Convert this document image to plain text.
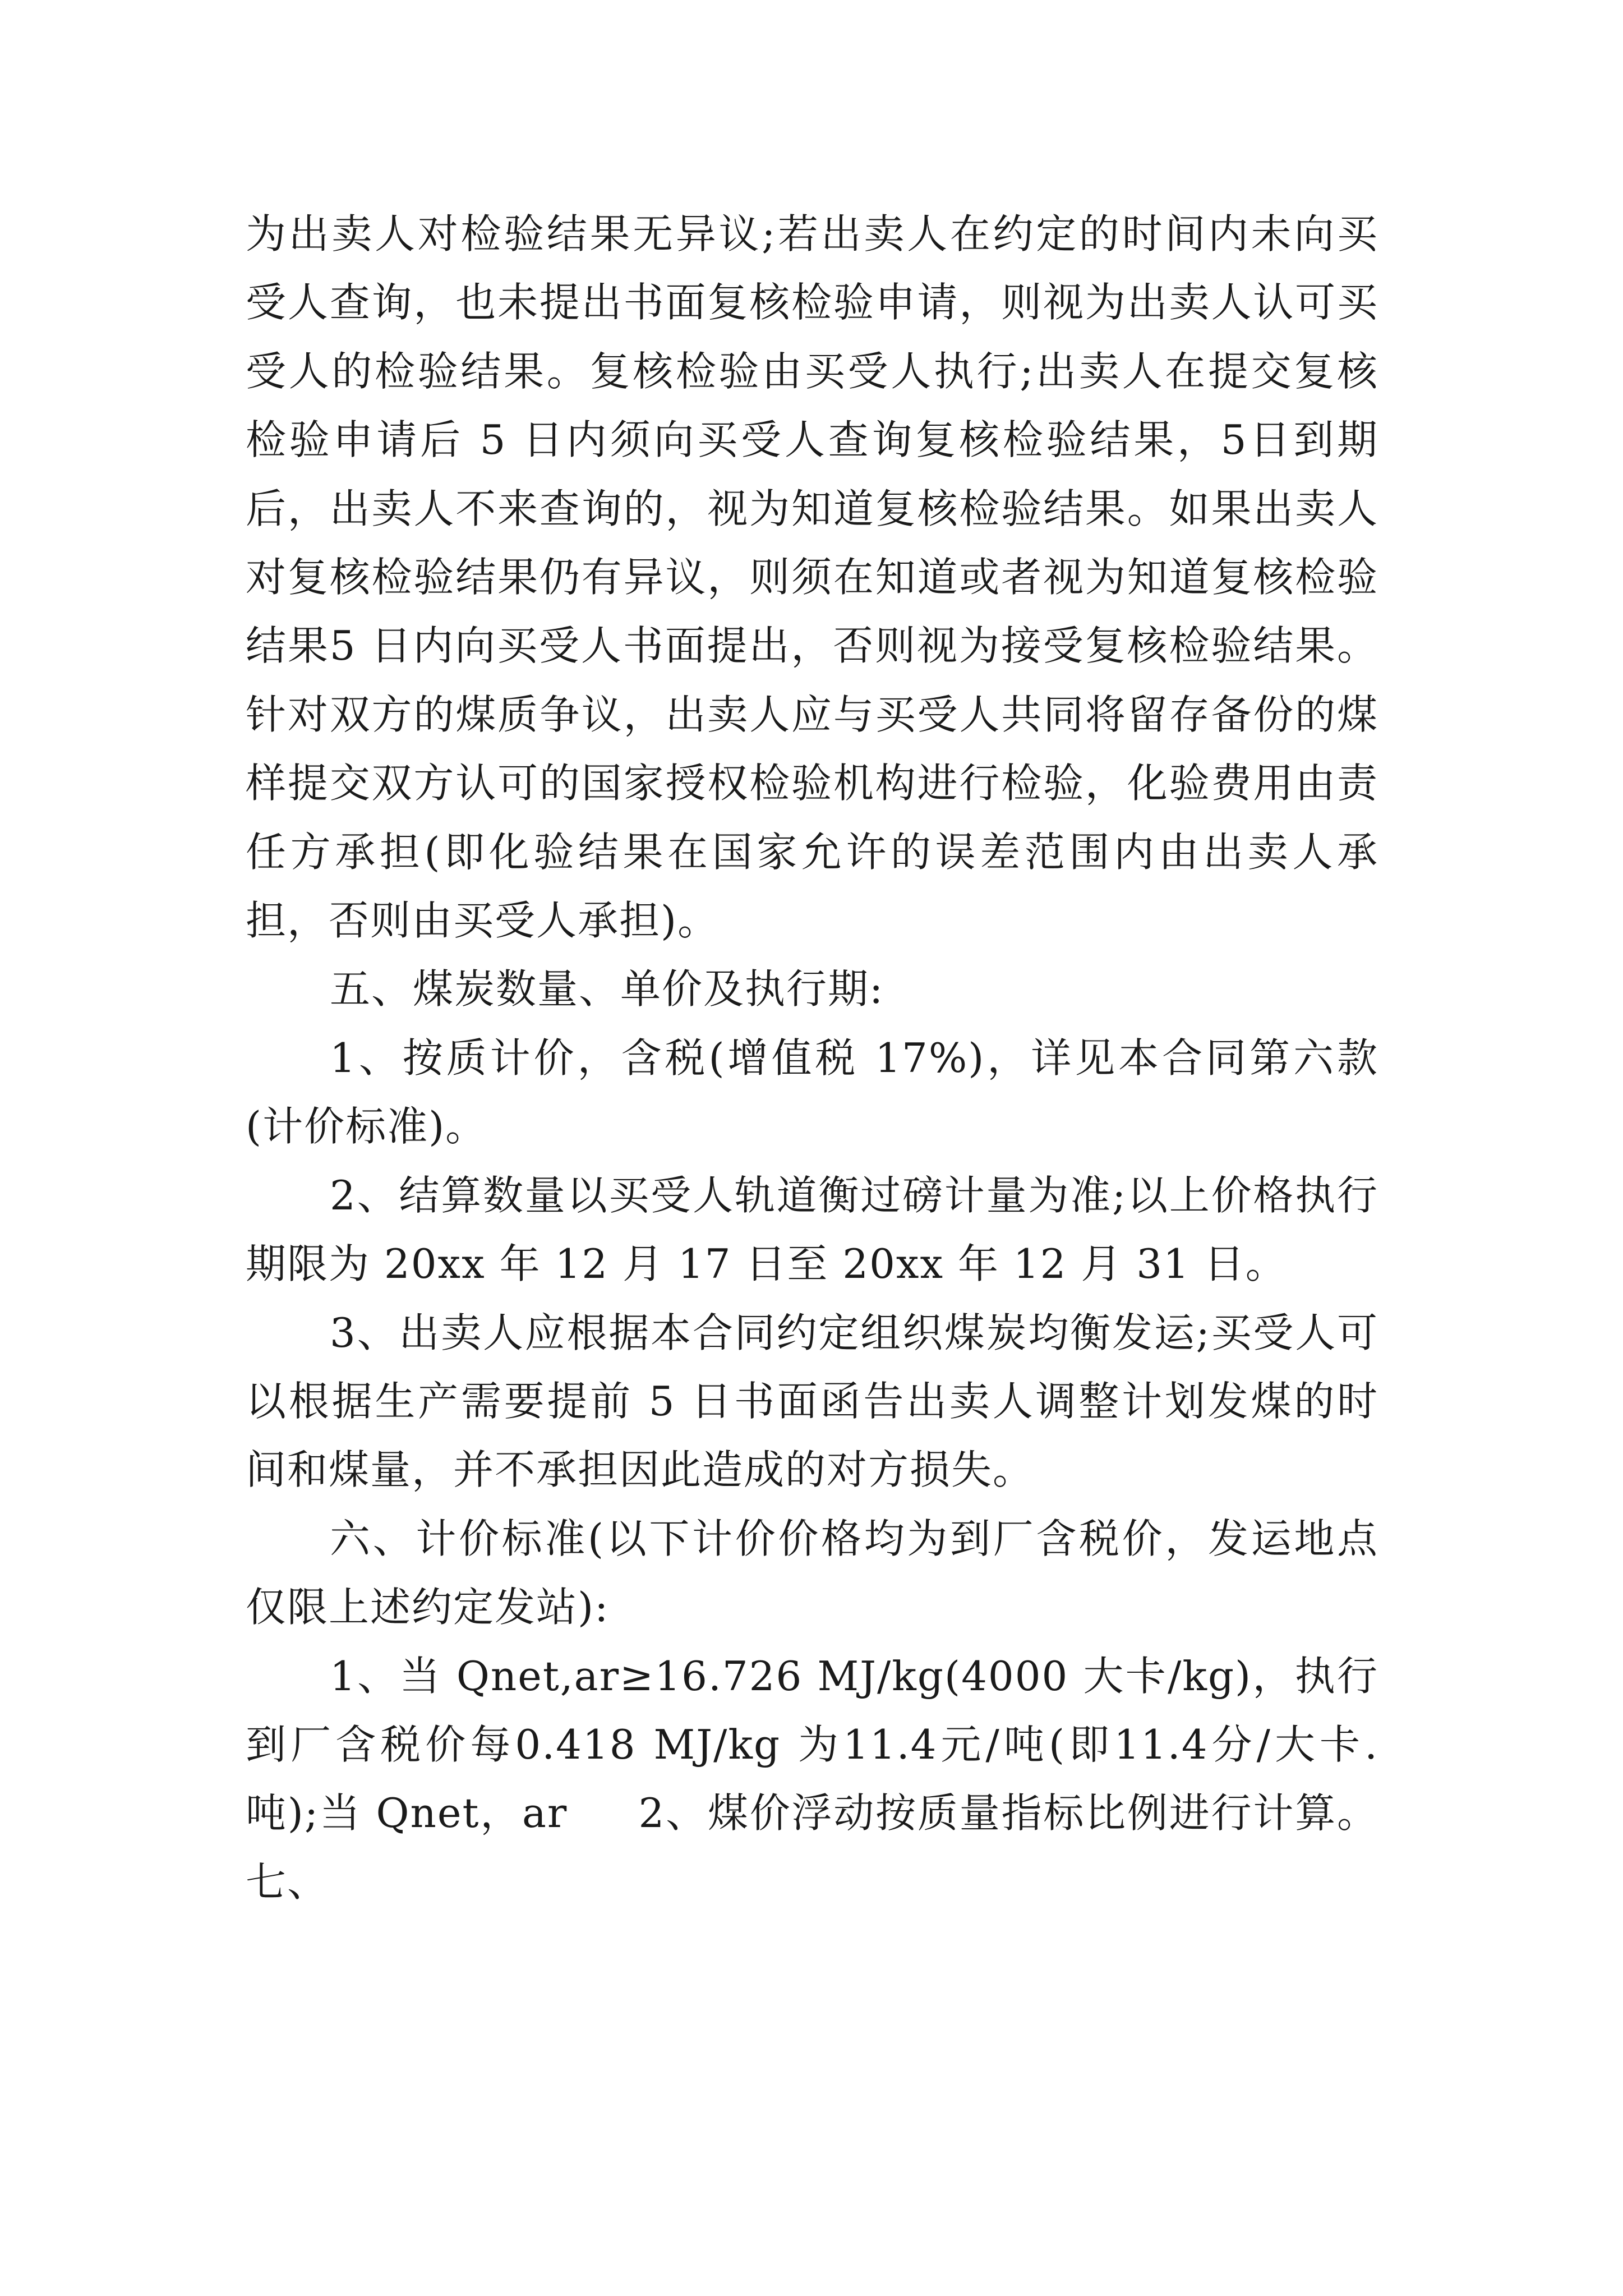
为出卖人对检验结果无异议;若出卖人在约定的时间内未向买受人查询，也未提出书面复核检验申请，则视为出卖人认可买受人的检验结果。复核检验由买受人执行;出卖人在提交复核检验申请后 5 日内须向买受人查询复核检验结果，5日到期后，出卖人不来查询的，视为知道复核检验结果。如果出卖人对复核检验结果仍有异议，则须在知道或者视为知道复核检验结果5 日内向买受人书面提出，否则视为接受复核检验结果。针对双方的煤质争议，出卖人应与买受人共同将留存备份的煤样提交双方认可的国家授权检验机构进行检验，化验费用由责任方承担(即化验结果在国家允许的误差范围内由出卖人承担，否则由买受人承担)。

五、煤炭数量、单价及执行期:

1、按质计价，含税(增值税 17%)，详见本合同第六款(计价标准)。

2、结算数量以买受人轨道衡过磅计量为准;以上价格执行期限为 20xx 年 12 月 17 日至 20xx 年 12 月 31 日。

3、出卖人应根据本合同约定组织煤炭均衡发运;买受人可以根据生产需要提前 5 日书面函告出卖人调整计划发煤的时间和煤量，并不承担因此造成的对方损失。

六、计价标准(以下计价价格均为到厂含税价，发运地点仅限上述约定发站):

1、当 Qnet,ar≥16.726 MJ/kg(4000 大卡/kg)，执行到厂含税价每0.418 MJ/kg 为11.4元/吨(即11.4分/大卡.吨);当 Qnet，ar 　 2、煤价浮动按质量指标比例进行计算。七、
